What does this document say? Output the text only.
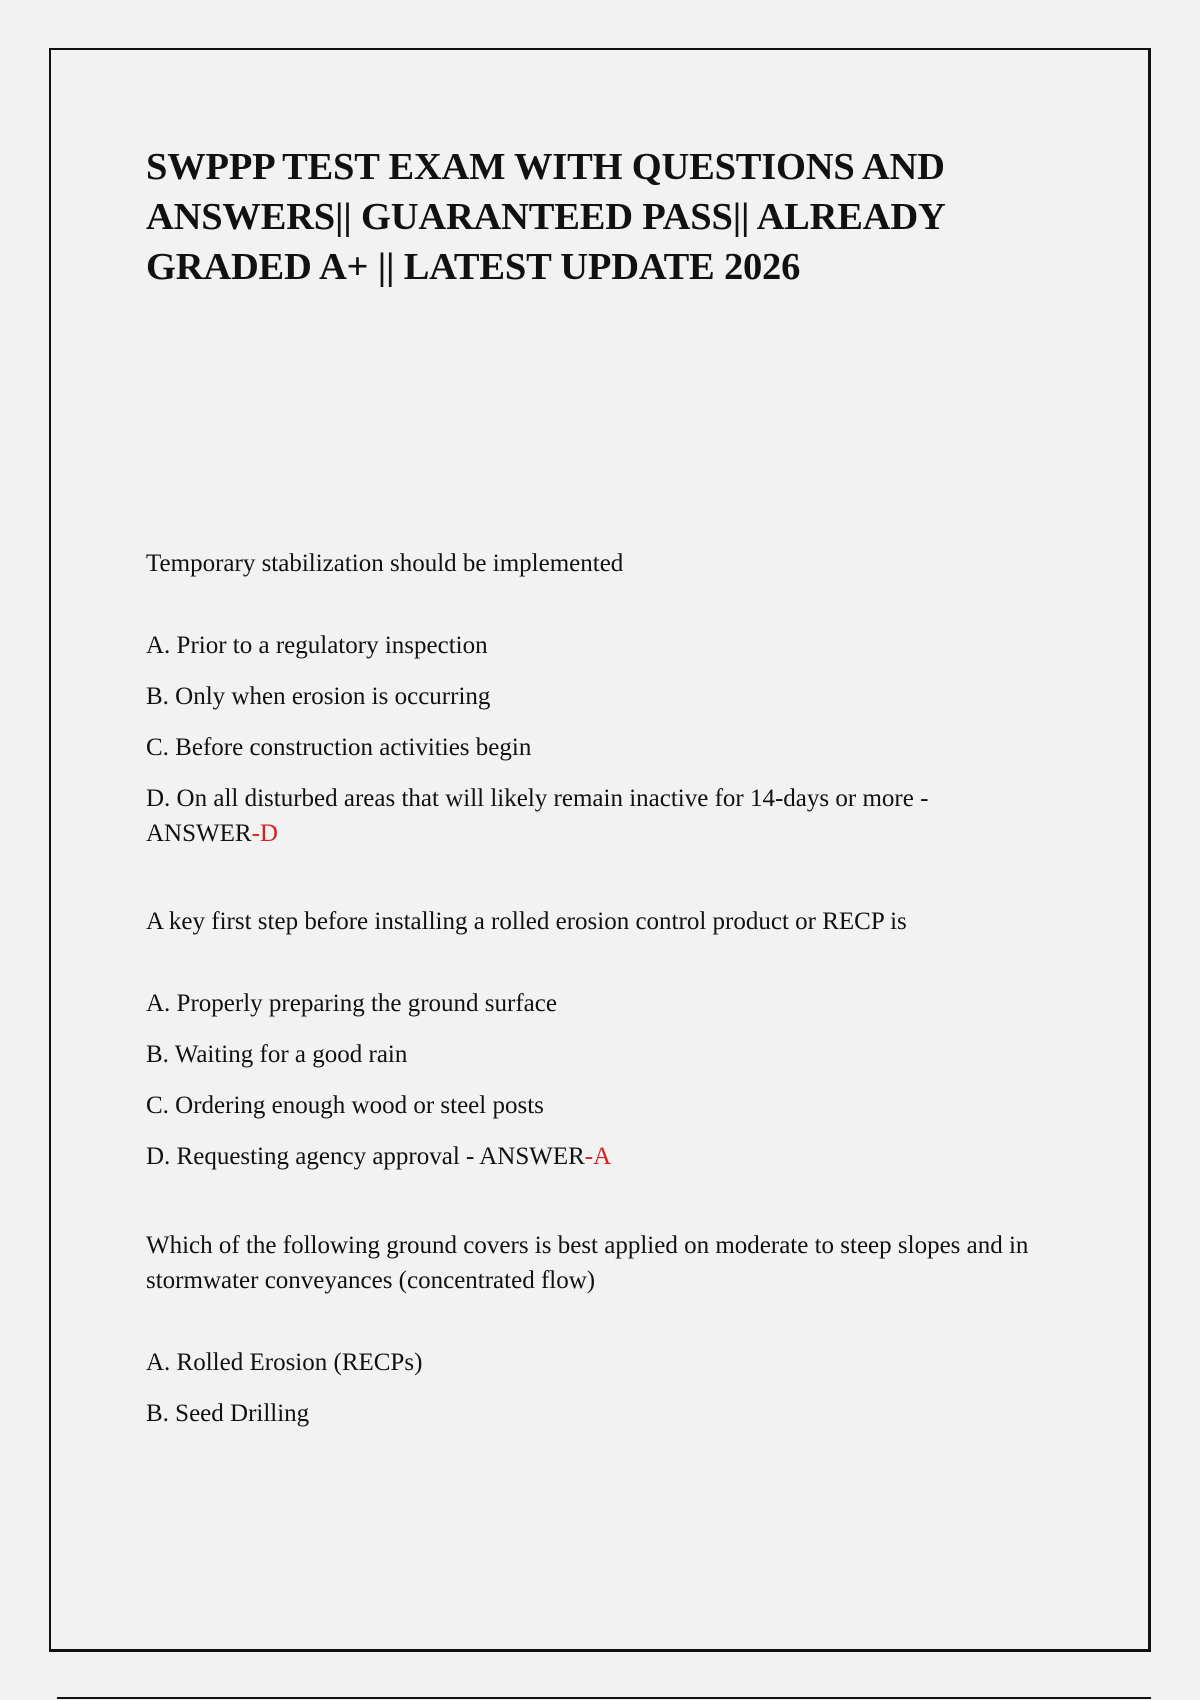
SWPPP TEST EXAM WITH QUESTIONS AND ANSWERS|| GUARANTEED PASS|| ALREADY GRADED A+ || LATEST UPDATE 2026

Temporary stabilization should be implemented

A. Prior to a regulatory inspection

B. Only when erosion is occurring

C. Before construction activities begin

D. On all disturbed areas that will likely remain inactive for 14-days or more - ANSWER-D

A key first step before installing a rolled erosion control product or RECP is

A. Properly preparing the ground surface

B. Waiting for a good rain

C. Ordering enough wood or steel posts

D. Requesting agency approval - ANSWER-A

Which of the following ground covers is best applied on moderate to steep slopes and in stormwater conveyances (concentrated flow)

A. Rolled Erosion (RECPs)

B. Seed Drilling
